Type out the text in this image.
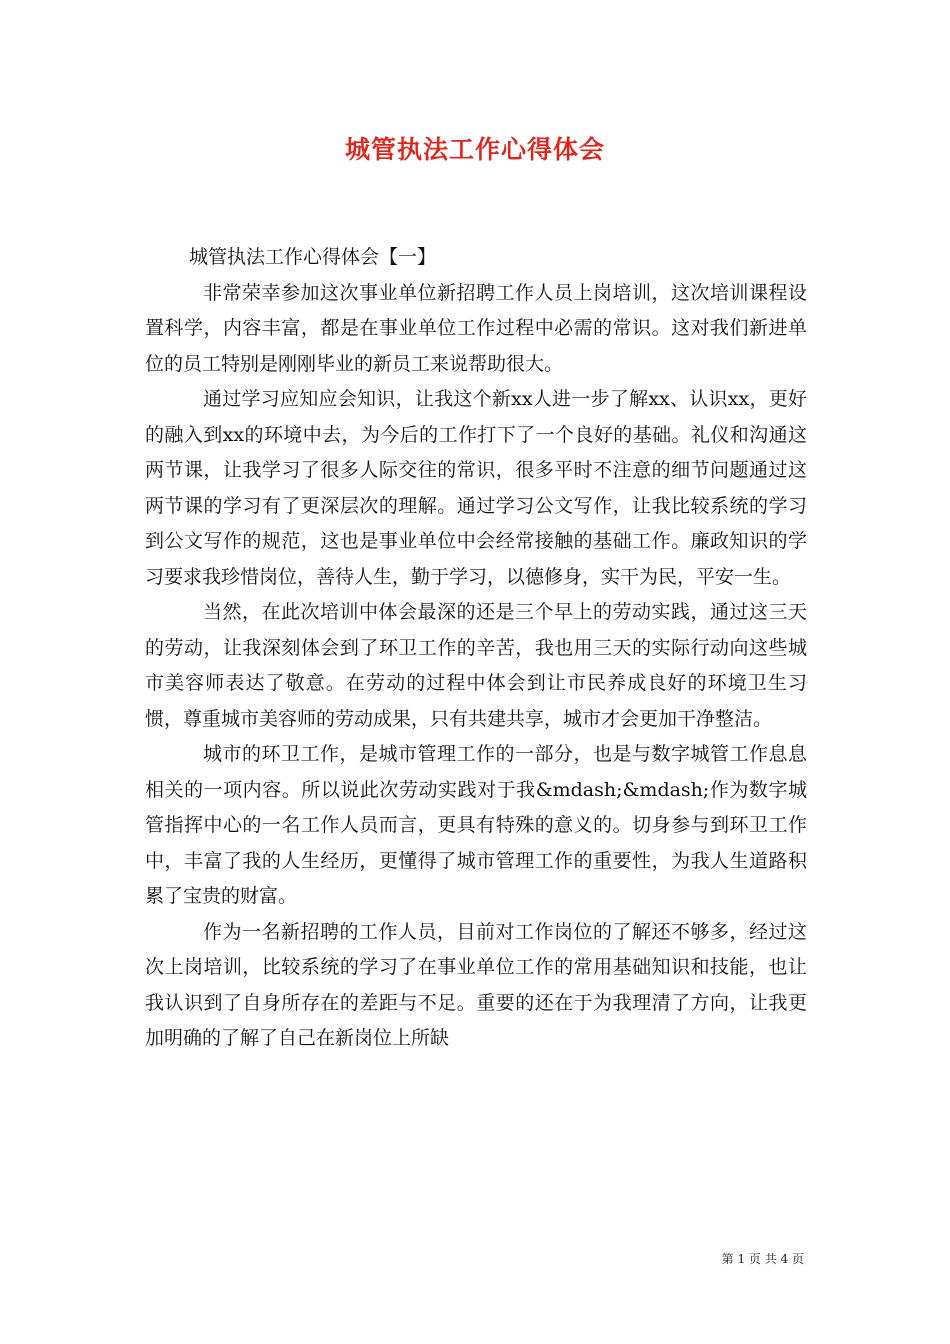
城管执法工作心得体会

城管执法工作心得体会【一】

非常荣幸参加这次事业单位新招聘工作人员上岗培训，这次培训课程设置科学，内容丰富，都是在事业单位工作过程中必需的常识。这对我们新进单位的员工特别是刚刚毕业的新员工来说帮助很大。

通过学习应知应会知识，让我这个新xx人进一步了解xx、认识xx，更好的融入到xx的环境中去，为今后的工作打下了一个良好的基础。礼仪和沟通这两节课，让我学习了很多人际交往的常识，很多平时不注意的细节问题通过这两节课的学习有了更深层次的理解。通过学习公文写作，让我比较系统的学习到公文写作的规范，这也是事业单位中会经常接触的基础工作。廉政知识的学习要求我珍惜岗位，善待人生，勤于学习，以德修身，实干为民，平安一生。

当然，在此次培训中体会最深的还是三个早上的劳动实践，通过这三天的劳动，让我深刻体会到了环卫工作的辛苦，我也用三天的实际行动向这些城市美容师表达了敬意。在劳动的过程中体会到让市民养成良好的环境卫生习惯，尊重城市美容师的劳动成果，只有共建共享，城市才会更加干净整洁。

城市的环卫工作，是城市管理工作的一部分，也是与数字城管工作息息相关的一项内容。所以说此次劳动实践对于我&mdash;&mdash;作为数字城管指挥中心的一名工作人员而言，更具有特殊的意义的。切身参与到环卫工作中，丰富了我的人生经历，更懂得了城市管理工作的重要性，为我人生道路积累了宝贵的财富。

作为一名新招聘的工作人员，目前对工作岗位的了解还不够多，经过这次上岗培训，比较系统的学习了在事业单位工作的常用基础知识和技能，也让我认识到了自身所存在的差距与不足。重要的还在于为我理清了方向，让我更加明确的了解了自己在新岗位上所缺

第 1 页 共 4 页
